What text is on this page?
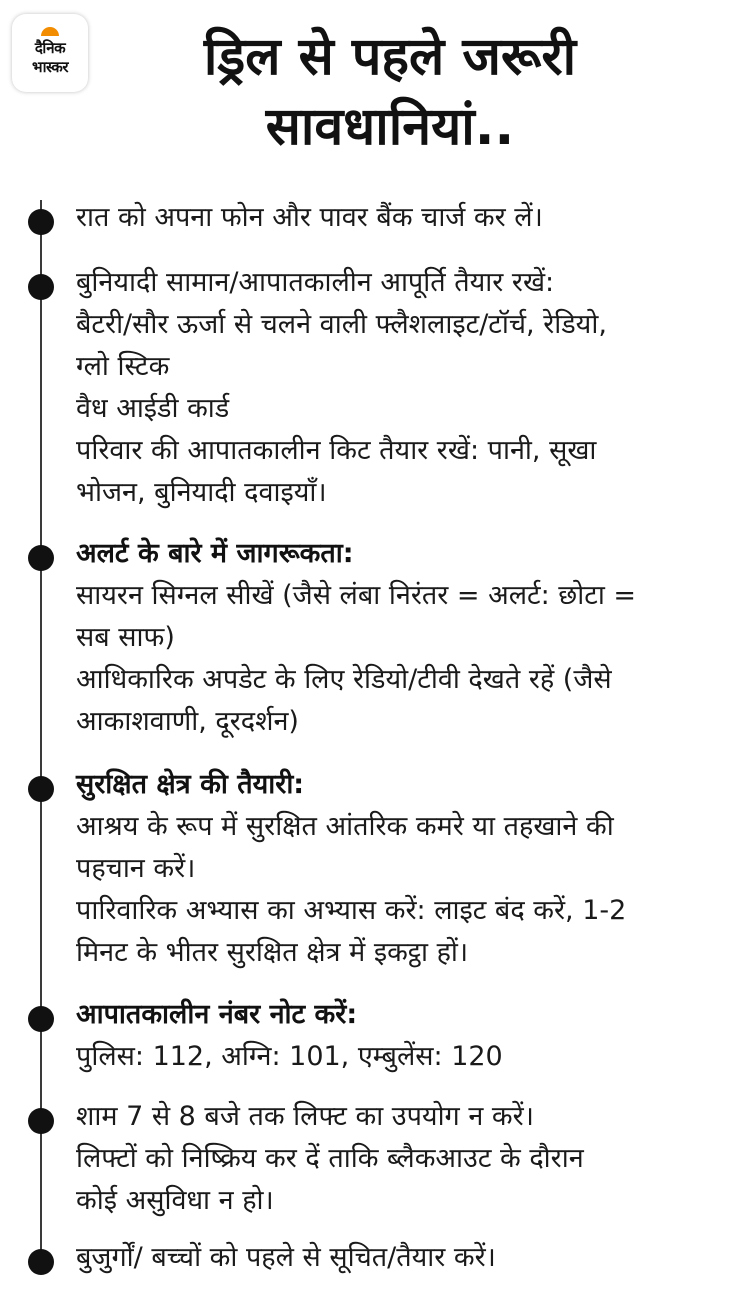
दैनिक
भास्कर	ड्रिल से पहले जरूरी
सावधानियां..
रात को अपना फोन और पावर बैंक चार्ज कर लें।
बुनियादी सामान/आपातकालीन आपूर्ति तैयार रखें:
बैटरी/सौर ऊर्जा से चलने वाली फ्लैशलाइट/टॉर्च, रेडियो,
ग्लो स्टिक
वैध आईडी कार्ड
परिवार की आपातकालीन किट तैयार रखें: पानी, सूखा
भोजन, बुनियादी दवाइयाँ।
अलर्ट के बारे में जागरूकता:
सायरन सिग्नल सीखें (जैसे लंबा निरंतर = अलर्ट: छोटा =
सब साफ)
आधिकारिक अपडेट के लिए रेडियो/टीवी देखते रहें (जैसे
आकाशवाणी, दूरदर्शन)
सुरक्षित क्षेत्र की तैयारी:
आश्रय के रूप में सुरक्षित आंतरिक कमरे या तहखाने की
पहचान करें।
पारिवारिक अभ्यास का अभ्यास करें: लाइट बंद करें, 1-2
मिनट के भीतर सुरक्षित क्षेत्र में इकट्ठा हों।
आपातकालीन नंबर नोट करें:
पुलिस: 112, अग्नि: 101, एम्बुलेंस: 120
शाम 7 से 8 बजे तक लिफ्ट का उपयोग न करें।
लिफ्टों को निष्क्रिय कर दें ताकि ब्लैकआउट के दौरान
कोई असुविधा न हो।
बुजुर्गों/ बच्चों को पहले से सूचित/तैयार करें।
